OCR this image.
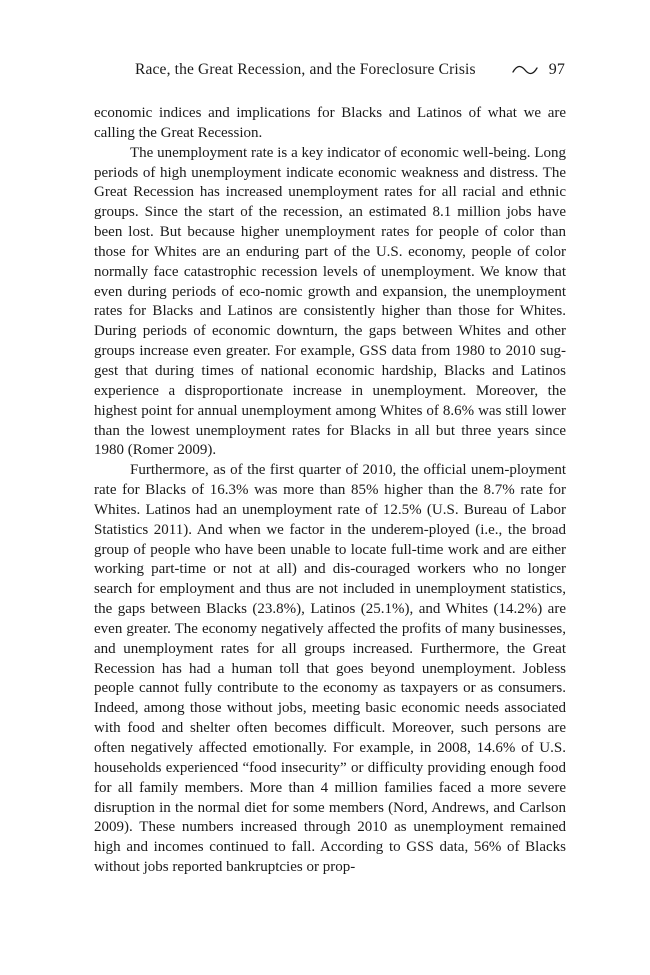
Race, the Great Recession, and the Foreclosure Crisis	97

economic indices and implications for Blacks and Latinos of what we are calling the Great Recession.

The unemployment rate is a key indicator of economic well-being. Long periods of high unemployment indicate economic weakness and distress. The Great Recession has increased unemployment rates for all racial and ethnic groups. Since the start of the recession, an estimated 8.1 million jobs have been lost. But because higher unemployment rates for people of color than those for Whites are an enduring part of the U.S. economy, people of color normally face catastrophic recession levels of unemployment. We know that even during periods of eco-nomic growth and expansion, the unemployment rates for Blacks and Latinos are consistently higher than those for Whites. During periods of economic downturn, the gaps between Whites and other groups increase even greater. For example, GSS data from 1980 to 2010 sug-gest that during times of national economic hardship, Blacks and Latinos experience a disproportionate increase in unemployment. Moreover, the highest point for annual unemployment among Whites of 8.6% was still lower than the lowest unemployment rates for Blacks in all but three years since 1980 (Romer 2009).

Furthermore, as of the first quarter of 2010, the official unem-ployment rate for Blacks of 16.3% was more than 85% higher than the 8.7% rate for Whites. Latinos had an unemployment rate of 12.5% (U.S. Bureau of Labor Statistics 2011). And when we factor in the underem-ployed (i.e., the broad group of people who have been unable to locate full-time work and are either working part-time or not at all) and dis-couraged workers who no longer search for employment and thus are not included in unemployment statistics, the gaps between Blacks (23.8%), Latinos (25.1%), and Whites (14.2%) are even greater. The economy negatively affected the profits of many businesses, and unemployment rates for all groups increased. Furthermore, the Great Recession has had a human toll that goes beyond unemployment. Jobless people cannot fully contribute to the economy as taxpayers or as consumers. Indeed, among those without jobs, meeting basic economic needs associated with food and shelter often becomes difficult. Moreover, such persons are often negatively affected emotionally. For example, in 2008, 14.6% of U.S. households experienced “food insecurity” or difficulty providing enough food for all family members. More than 4 million families faced a more severe disruption in the normal diet for some members (Nord, Andrews, and Carlson 2009). These numbers increased through 2010 as unemployment remained high and incomes continued to fall. According to GSS data, 56% of Blacks without jobs reported bankruptcies or prop-
